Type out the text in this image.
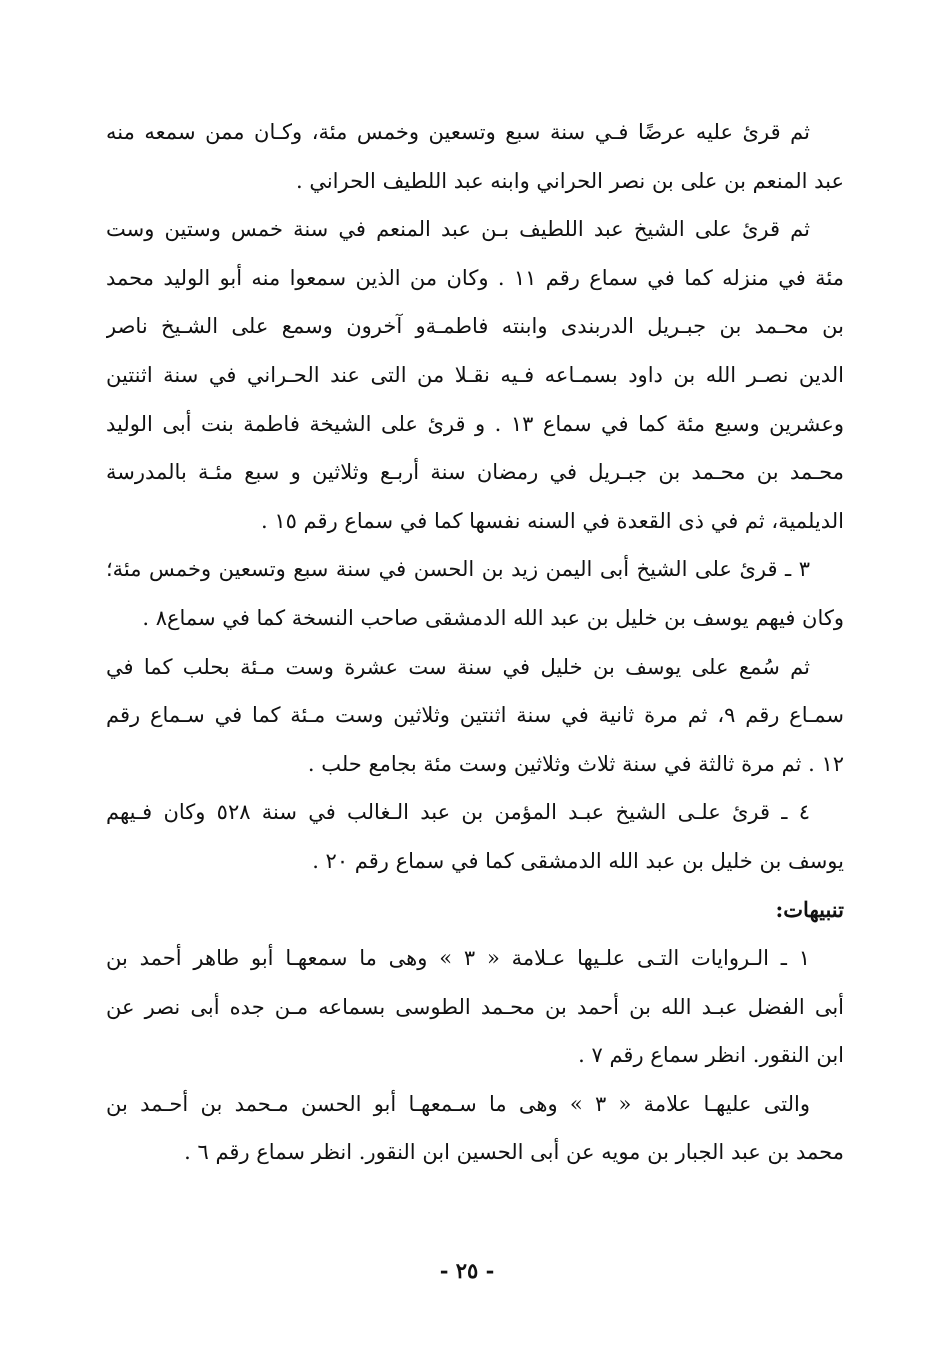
ثم قرئ عليه عرضًا فـي سنة سبع وتسعين وخمس مئة، وكـان ممن سمعه منه
عبد المنعم بن على بن نصر الحراني وابنه عبد اللطيف الحراني .
ثم قرئ على الشيخ عبد اللطيف بـن عبد المنعم في سنة خمس وستين وست
مئة في منزله كما في سماع رقم ١١ . وكان من الذين سمعوا منه أبو الوليد محمد
بن محـمد بن جبـريل الدربندى وابنته فاطمـةو آخرون وسمع على الشـيخ ناصر
الدين نصـر الله بن داود بسمـاعه فـيه نقـلا من التى عند الحـراني في سنة اثنتين
وعشرين وسبع مئة كما في سماع ١٣ . و قرئ على الشيخة فاطمة بنت أبى الوليد
محـمد بن محـمد بن جبـريل في رمضان سنة أربـع وثلاثين و سبع مئـة بالمدرسة
الديلمية، ثم في ذى القعدة في السنه نفسها كما في سماع رقم ١٥ .
٣ ـ قرئ على الشيخ أبى اليمن زيد بن الحسن في سنة سبع وتسعين وخمس مئة؛
وكان فيهم يوسف بن خليل بن عبد الله الدمشقى صاحب النسخة كما في سماع٨ .
ثم سُمع على يوسف بن خليل في سنة ست عشرة وست مـئة بحلب كما في
سمـاع رقم ٩، ثم مرة ثانية في سنة اثنتين وثلاثين وست مـئة كما في سـماع رقم
١٢ . ثم مرة ثالثة في سنة ثلاث وثلاثين وست مئة بجامع حلب .
٤ ـ قرئ علـى الشيخ عبـد المؤمن بن عبد الـغالب في سنة ٥٢٨ وكان فـيهم
يوسف بن خليل بن عبد الله الدمشقى كما في سماع رقم ٢٠ .
تنبيهات:
١ ـ الـروايات التـى علـيها عـلامة « ٣ » وهى ما سمعهـا أبو طاهر أحمد بن
أبى الفضل عبـد الله بن أحمد بن محـمد الطوسى بسماعه مـن جده أبى نصر عن
ابن النقور. انظر سماع رقم ٧ .
والتى عليهـا علامة « ٣ » وهى ما سـمعهـا أبو الحسن مـحمد بن أحـمد بن
محمد بن عبد الجبار بن مويه عن أبى الحسين ابن النقور. انظر سماع رقم ٦ .
- ٢٥ -
